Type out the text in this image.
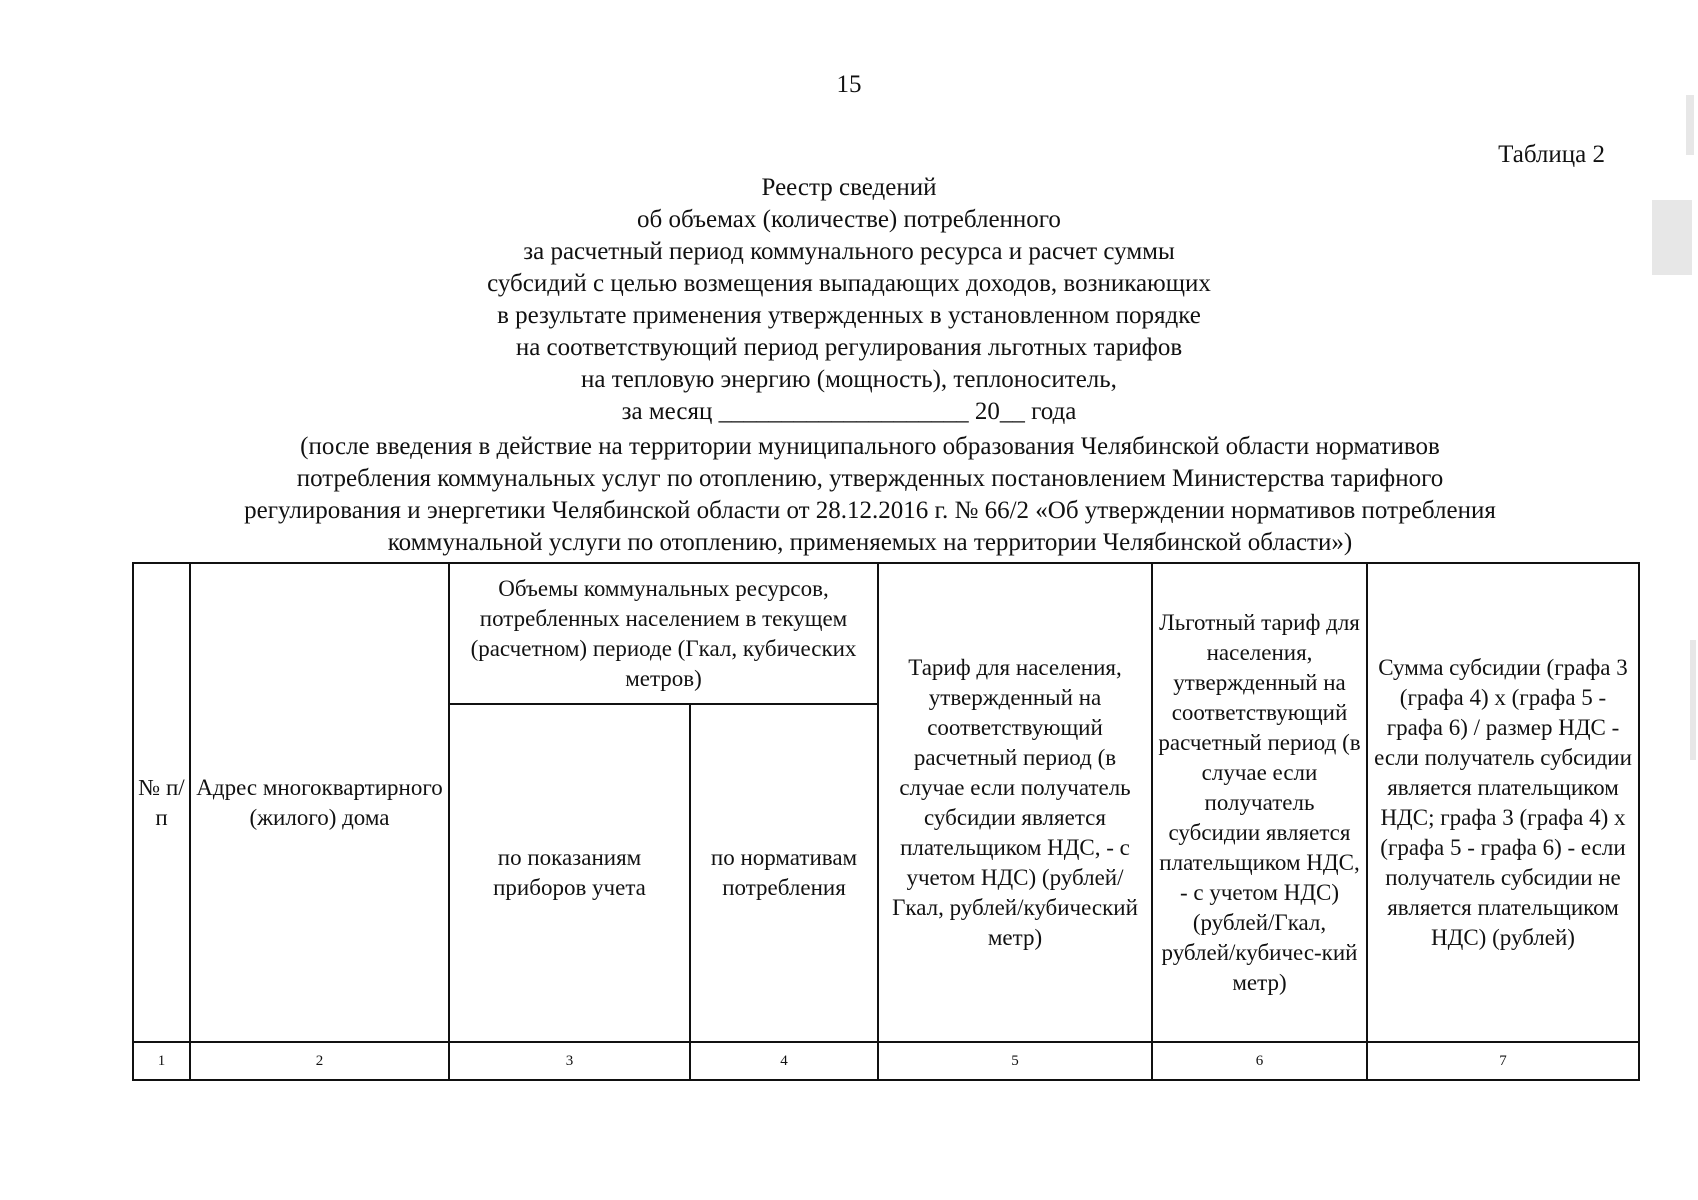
15
Таблица 2
Реестр сведений
об объемах (количестве) потребленного
за расчетный период коммунального ресурса и расчет суммы
субсидий с целью возмещения выпадающих доходов, возникающих
в результате применения утвержденных в установленном порядке
на соответствующий период регулирования льготных тарифов
на тепловую энергию (мощность), теплоноситель,
за месяц ____________________ 20__ года
(после введения в действие на территории муниципального образования Челябинской области нормативов
потребления коммунальных услуг по отоплению, утвержденных постановлением Министерства тарифного
регулирования и энергетики Челябинской области от 28.12.2016 г. № 66/2 «Об утверждении нормативов потребления
коммунальной услуги по отоплению, применяемых на территории Челябинской области»)
№ п/п	Адрес многоквартирного (жилого) дома	Объемы коммунальных ресурсов, потребленных населением в текущем (расчетном) периоде (Гкал, кубических метров)		Тариф для населения, утвержденный на соответствующий расчетный период (в случае если получатель субсидии является плательщиком НДС, - с учетом НДС) (рублей/Гкал, рублей/кубический метр)	Льготный тариф для населения, утвержденный на соответствующий расчетный период (в случае если получатель субсидии является плательщиком НДС, - с учетом НДС) (рублей/Гкал, рублей/кубичес-кий метр)	Сумма субсидии (графа 3 (графа 4) x (графа 5 - графа 6) / размер НДС - если получатель субсидии является плательщиком НДС; графа 3 (графа 4) x (графа 5 - графа 6) - если получатель субсидии не является плательщиком НДС) (рублей)
		по показаниям приборов учета	по нормативам потребления			
1	2	3	4	5	6	7
